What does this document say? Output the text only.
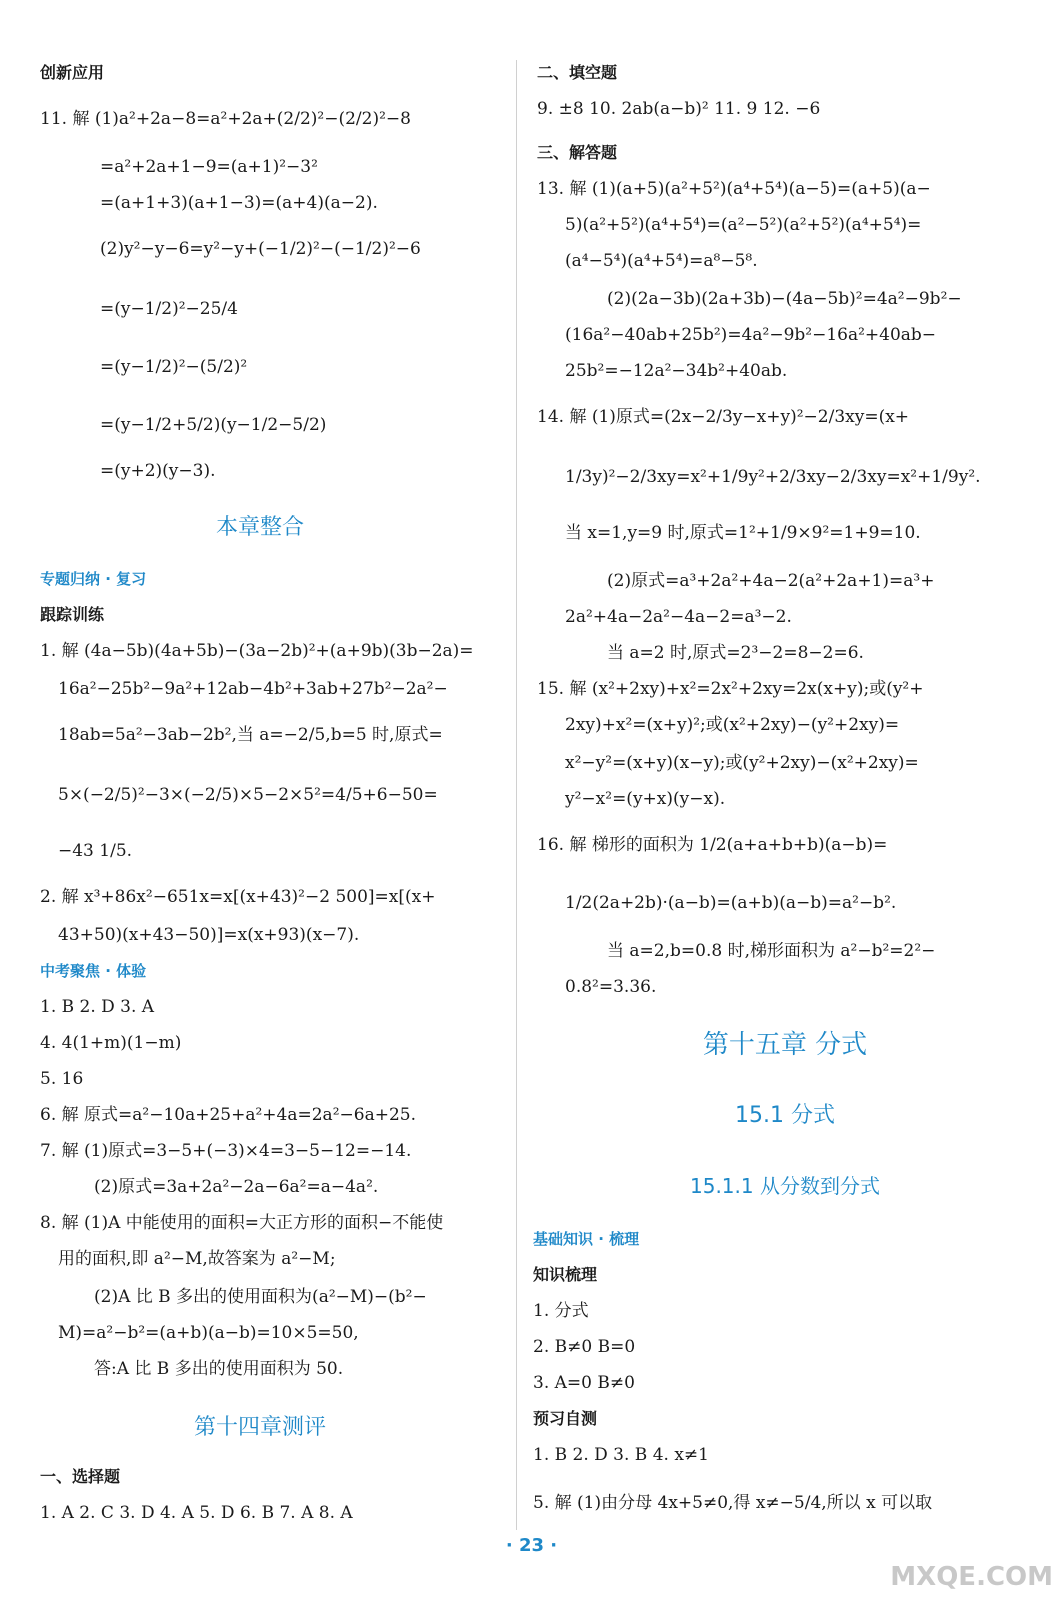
创新应用
11. 解 (1)a²+2a−8=a²+2a+(2/2)²−(2/2)²−8
=a²+2a+1−9=(a+1)²−3²
=(a+1+3)(a+1−3)=(a+4)(a−2).
(2)y²−y−6=y²−y+(−1/2)²−(−1/2)²−6
=(y−1/2)²−25/4
=(y−1/2)²−(5/2)²
=(y−1/2+5/2)(y−1/2−5/2)
=(y+2)(y−3).
本章整合
专题归纳 · 复习
跟踪训练
1. 解 (4a−5b)(4a+5b)−(3a−2b)²+(a+9b)(3b−2a)=
16a²−25b²−9a²+12ab−4b²+3ab+27b²−2a²−
18ab=5a²−3ab−2b²,当 a=−2/5,b=5 时,原式=
5×(−2/5)²−3×(−2/5)×5−2×5²=4/5+6−50=
−43 1/5.
2. 解 x³+86x²−651x=x[(x+43)²−2 500]=x[(x+
43+50)(x+43−50)]=x(x+93)(x−7).
中考聚焦 · 体验
1. B 2. D 3. A
4. 4(1+m)(1−m)
5. 16
6. 解 原式=a²−10a+25+a²+4a=2a²−6a+25.
7. 解 (1)原式=3−5+(−3)×4=3−5−12=−14.
(2)原式=3a+2a²−2a−6a²=a−4a².
8. 解 (1)A 中能使用的面积=大正方形的面积−不能使
用的面积,即 a²−M,故答案为 a²−M;
(2)A 比 B 多出的使用面积为(a²−M)−(b²−
M)=a²−b²=(a+b)(a−b)=10×5=50,
答:A 比 B 多出的使用面积为 50.
第十四章测评
一、选择题
1. A 2. C 3. D 4. A 5. D 6. B 7. A 8. A
二、填空题
9. ±8 10. 2ab(a−b)² 11. 9 12. −6
三、解答题
13. 解 (1)(a+5)(a²+5²)(a⁴+5⁴)(a−5)=(a+5)(a−
5)(a²+5²)(a⁴+5⁴)=(a²−5²)(a²+5²)(a⁴+5⁴)=
(a⁴−5⁴)(a⁴+5⁴)=a⁸−5⁸.
(2)(2a−3b)(2a+3b)−(4a−5b)²=4a²−9b²−
(16a²−40ab+25b²)=4a²−9b²−16a²+40ab−
25b²=−12a²−34b²+40ab.
14. 解 (1)原式=(2x−2/3y−x+y)²−2/3xy=(x+
1/3y)²−2/3xy=x²+1/9y²+2/3xy−2/3xy=x²+1/9y².
当 x=1,y=9 时,原式=1²+1/9×9²=1+9=10.
(2)原式=a³+2a²+4a−2(a²+2a+1)=a³+
2a²+4a−2a²−4a−2=a³−2.
当 a=2 时,原式=2³−2=8−2=6.
15. 解 (x²+2xy)+x²=2x²+2xy=2x(x+y);或(y²+
2xy)+x²=(x+y)²;或(x²+2xy)−(y²+2xy)=
x²−y²=(x+y)(x−y);或(y²+2xy)−(x²+2xy)=
y²−x²=(y+x)(y−x).
16. 解 梯形的面积为 1/2(a+a+b+b)(a−b)=
1/2(2a+2b)·(a−b)=(a+b)(a−b)=a²−b².
当 a=2,b=0.8 时,梯形面积为 a²−b²=2²−
0.8²=3.36.
第十五章 分式
15.1 分式
15.1.1 从分数到分式
基础知识 · 梳理
知识梳理
1. 分式
2. B≠0 B=0
3. A=0 B≠0
预习自测
1. B 2. D 3. B 4. x≠1
5. 解 (1)由分母 4x+5≠0,得 x≠−5/4,所以 x 可以取
· 23 ·
MXQE.COM
